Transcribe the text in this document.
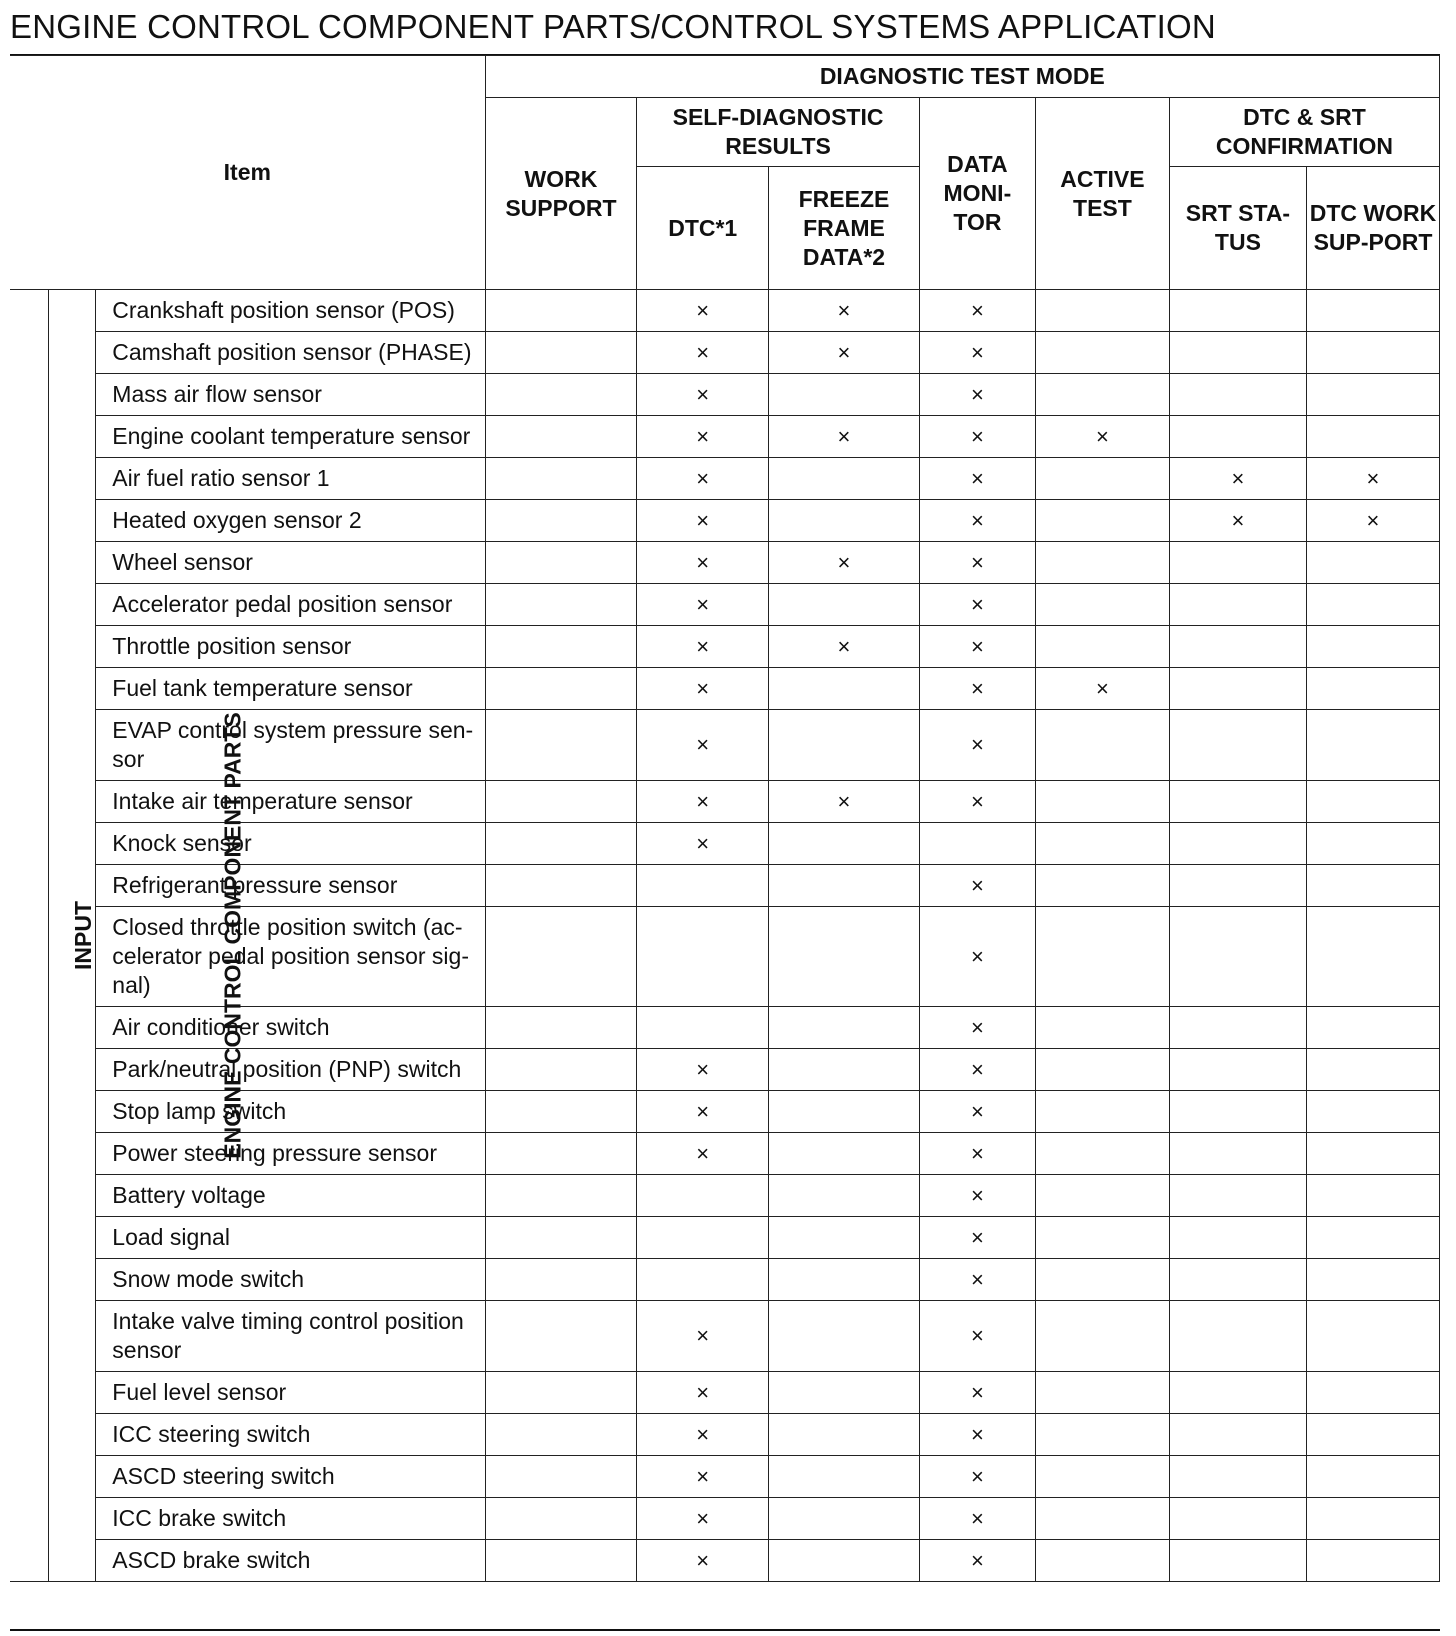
ENGINE CONTROL COMPONENT PARTS/CONTROL SYSTEMS APPLICATION
Item			DIAGNOSTIC TEST MODE						
			WORK SUPPORT	SELF-DIAGNOSTIC RESULTS		DATA MONI-TOR	ACTIVE TEST	DTC & SRT CONFIRMATION	
				DTC*1	FREEZE FRAME DATA*2			SRT STA-TUS	DTC WORK SUP-PORT
ENGINE CONTROL COMPONENT PARTS	INPUT	Crankshaft position sensor (POS)		×	×	×			
		Camshaft position sensor (PHASE)		×	×	×			
		Mass air flow sensor		×		×			
		Engine coolant temperature sensor		×	×	×	×		
		Air fuel ratio sensor 1		×		×		×	×
		Heated oxygen sensor 2		×		×		×	×
		Wheel sensor		×	×	×			
		Accelerator pedal position sensor		×		×			
		Throttle position sensor		×	×	×			
		Fuel tank temperature sensor		×		×	×		
		EVAP control system pressure sen-sor		×		×			
		Intake air temperature sensor		×	×	×			
		Knock sensor		×					
		Refrigerant pressure sensor				×			
		Closed throttle position switch (ac-celerator pedal position sensor sig-nal)				×			
		Air conditioner switch				×			
		Park/neutral position (PNP) switch		×		×			
		Stop lamp switch		×		×			
		Power steering pressure sensor		×		×			
		Battery voltage				×			
		Load signal				×			
		Snow mode switch				×			
		Intake valve timing control position sensor		×		×			
		Fuel level sensor		×		×			
		ICC steering switch		×		×			
		ASCD steering switch		×		×			
		ICC brake switch		×		×			
		ASCD brake switch		×		×			
